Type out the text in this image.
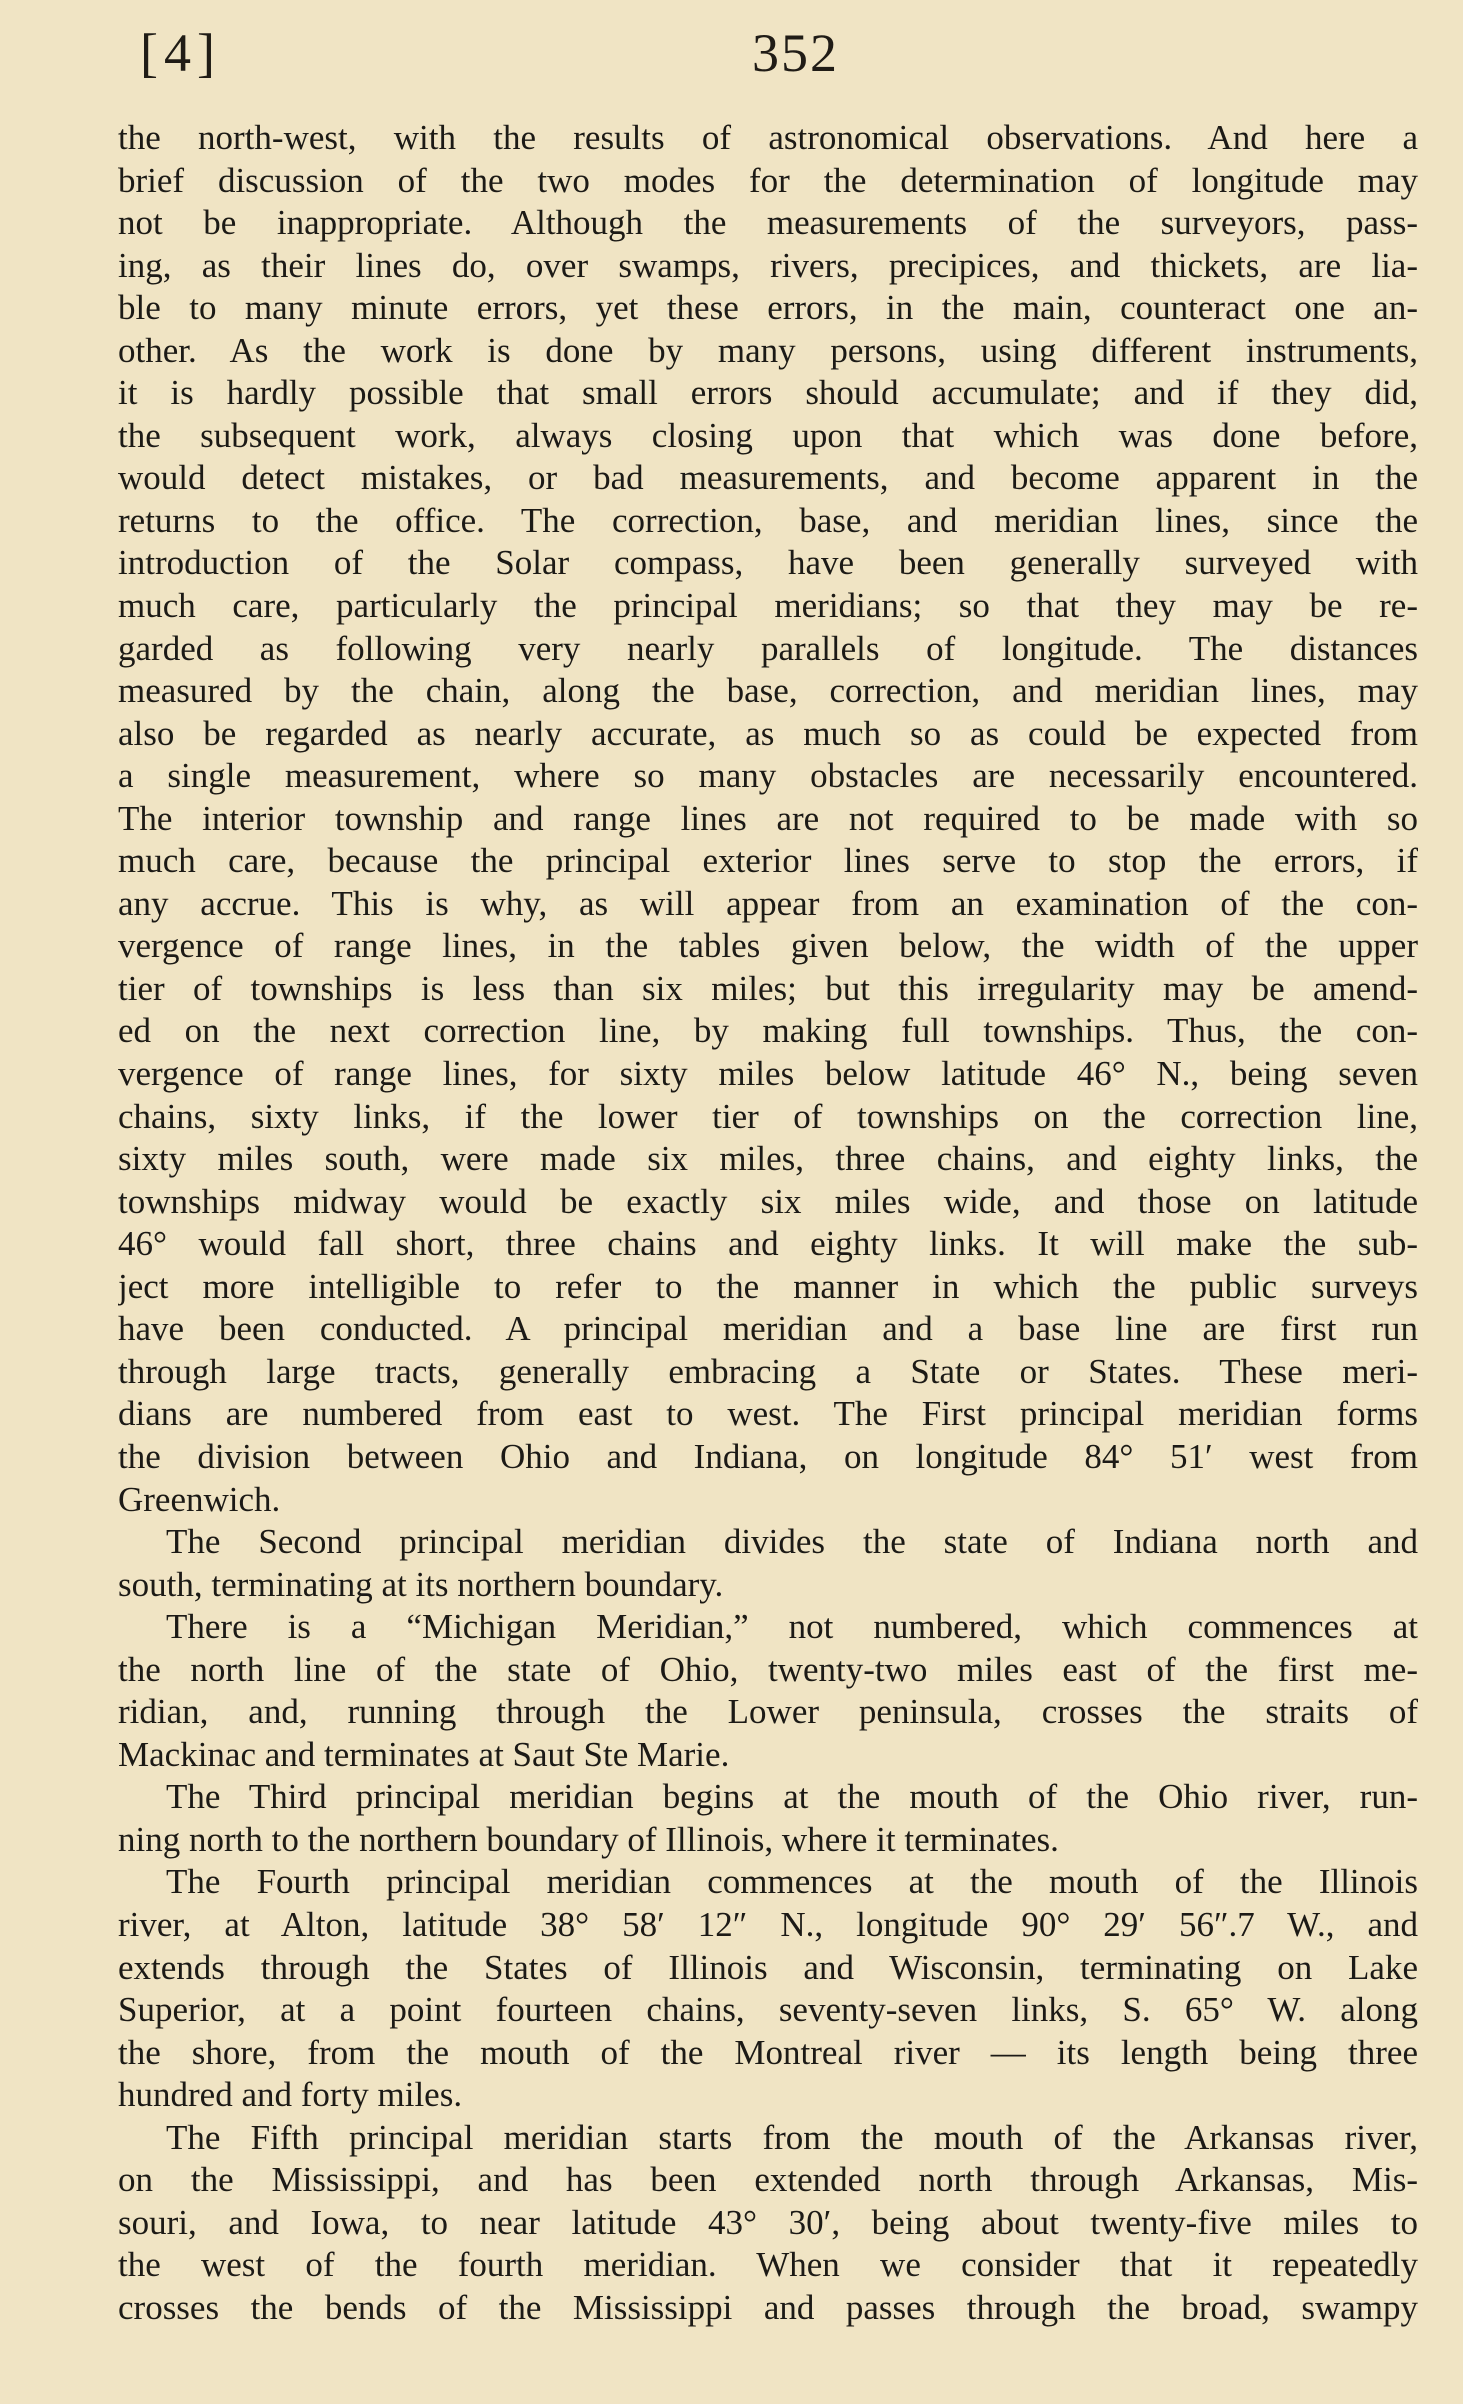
[4]	352
the north-west, with the results of astronomical observations. And here a
brief discussion of the two modes for the determination of longitude may
not be inappropriate. Although the measurements of the surveyors, pass-
ing, as their lines do, over swamps, rivers, precipices, and thickets, are lia-
ble to many minute errors, yet these errors, in the main, counteract one an-
other. As the work is done by many persons, using different instruments,
it is hardly possible that small errors should accumulate; and if they did,
the subsequent work, always closing upon that which was done before,
would detect mistakes, or bad measurements, and become apparent in the
returns to the office. The correction, base, and meridian lines, since the
introduction of the Solar compass, have been generally surveyed with
much care, particularly the principal meridians; so that they may be re-
garded as following very nearly parallels of longitude. The distances
measured by the chain, along the base, correction, and meridian lines, may
also be regarded as nearly accurate, as much so as could be expected from
a single measurement, where so many obstacles are necessarily encountered.
The interior township and range lines are not required to be made with so
much care, because the principal exterior lines serve to stop the errors, if
any accrue. This is why, as will appear from an examination of the con-
vergence of range lines, in the tables given below, the width of the upper
tier of townships is less than six miles; but this irregularity may be amend-
ed on the next correction line, by making full townships. Thus, the con-
vergence of range lines, for sixty miles below latitude 46° N., being seven
chains, sixty links, if the lower tier of townships on the correction line,
sixty miles south, were made six miles, three chains, and eighty links, the
townships midway would be exactly six miles wide, and those on latitude
46° would fall short, three chains and eighty links. It will make the sub-
ject more intelligible to refer to the manner in which the public surveys
have been conducted. A principal meridian and a base line are first run
through large tracts, generally embracing a State or States. These meri-
dians are numbered from east to west. The First principal meridian forms
the division between Ohio and Indiana, on longitude 84° 51′ west from
Greenwich.
The Second principal meridian divides the state of Indiana north and
south, terminating at its northern boundary.
There is a “Michigan Meridian,” not numbered, which commences at
the north line of the state of Ohio, twenty-two miles east of the first me-
ridian, and, running through the Lower peninsula, crosses the straits of
Mackinac and terminates at Saut Ste Marie.
The Third principal meridian begins at the mouth of the Ohio river, run-
ning north to the northern boundary of Illinois, where it terminates.
The Fourth principal meridian commences at the mouth of the Illinois
river, at Alton, latitude 38° 58′ 12″ N., longitude 90° 29′ 56″.7 W., and
extends through the States of Illinois and Wisconsin, terminating on Lake
Superior, at a point fourteen chains, seventy-seven links, S. 65° W. along
the shore, from the mouth of the Montreal river — its length being three
hundred and forty miles.
The Fifth principal meridian starts from the mouth of the Arkansas river,
on the Mississippi, and has been extended north through Arkansas, Mis-
souri, and Iowa, to near latitude 43° 30′, being about twenty-five miles to
the west of the fourth meridian. When we consider that it repeatedly
crosses the bends of the Mississippi and passes through the broad, swampy
